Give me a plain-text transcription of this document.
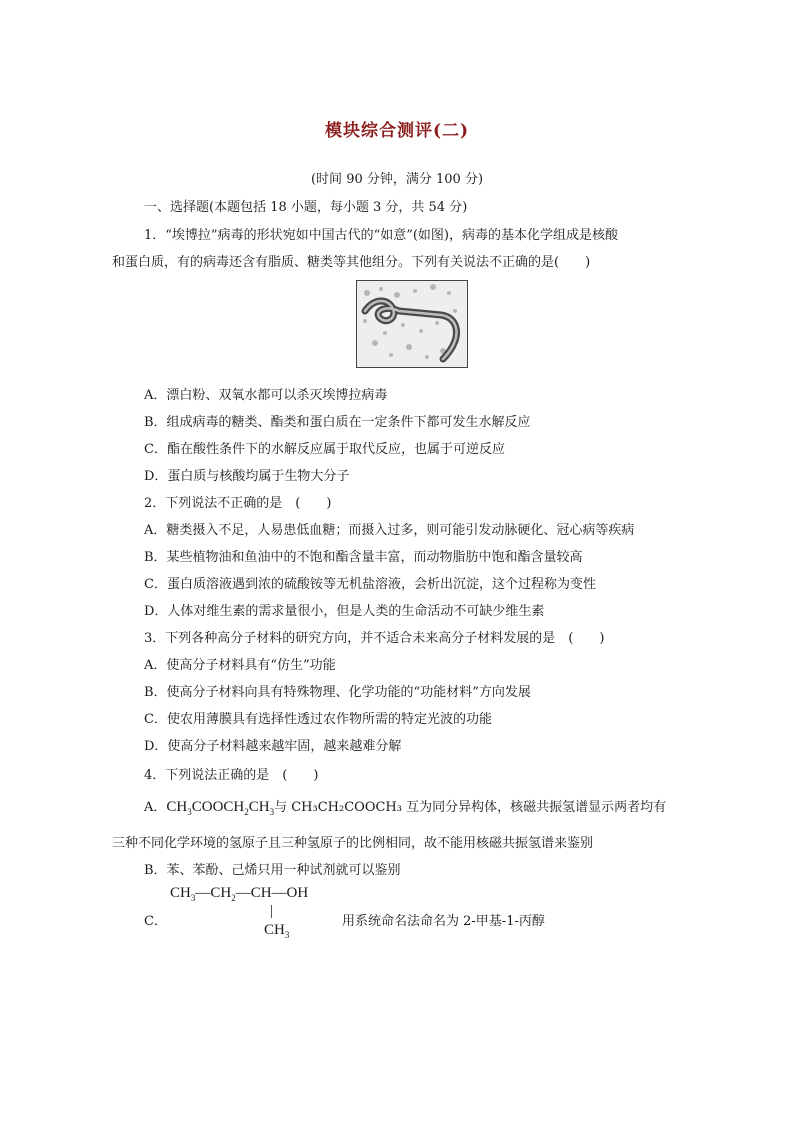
模块综合测评(二)
(时间 90 分钟，满分 100 分)
一、选择题(本题包括 18 小题，每小题 3 分，共 54 分)
1．“埃博拉”病毒的形状宛如中国古代的“如意”(如图)，病毒的基本化学组成是核酸
和蛋白质，有的病毒还含有脂质、糖类等其他组分。下列有关说法不正确的是(　　)
A．漂白粉、双氧水都可以杀灭埃博拉病毒
B．组成病毒的糖类、酯类和蛋白质在一定条件下都可发生水解反应
C．酯在酸性条件下的水解反应属于取代反应，也属于可逆反应
D．蛋白质与核酸均属于生物大分子
2．下列说法不正确的是　(　　)
A．糖类摄入不足，人易患低血糖；而摄入过多，则可能引发动脉硬化、冠心病等疾病
B．某些植物油和鱼油中的不饱和酯含量丰富，而动物脂肪中饱和酯含量较高
C．蛋白质溶液遇到浓的硫酸铵等无机盐溶液，会析出沉淀，这个过程称为变性
D．人体对维生素的需求量很小，但是人类的生命活动不可缺少维生素
3．下列各种高分子材料的研究方向，并不适合未来高分子材料发展的是　(　　)
A．使高分子材料具有“仿生”功能
B．使高分子材料向具有特殊物理、化学功能的“功能材料”方向发展
C．使农用薄膜具有选择性透过农作物所需的特定光波的功能
D．使高分子材料越来越牢固，越来越难分解
4．下列说法正确的是　(　　)
A．$CH_3COOCH_2CH_3$与 CH₃CH₂COOCH₃ 互为同分异构体，核磁共振氢谱显示两者均有
三种不同化学环境的氢原子且三种氢原子的比例相同，故不能用核磁共振氢谱来鉴别
B．苯、苯酚、己烯只用一种试剂就可以鉴别
C．
$CH_3—CH_2—CH—OH$
|
$CH_3$
用系统命名法命名为 2-甲基-1-丙醇
